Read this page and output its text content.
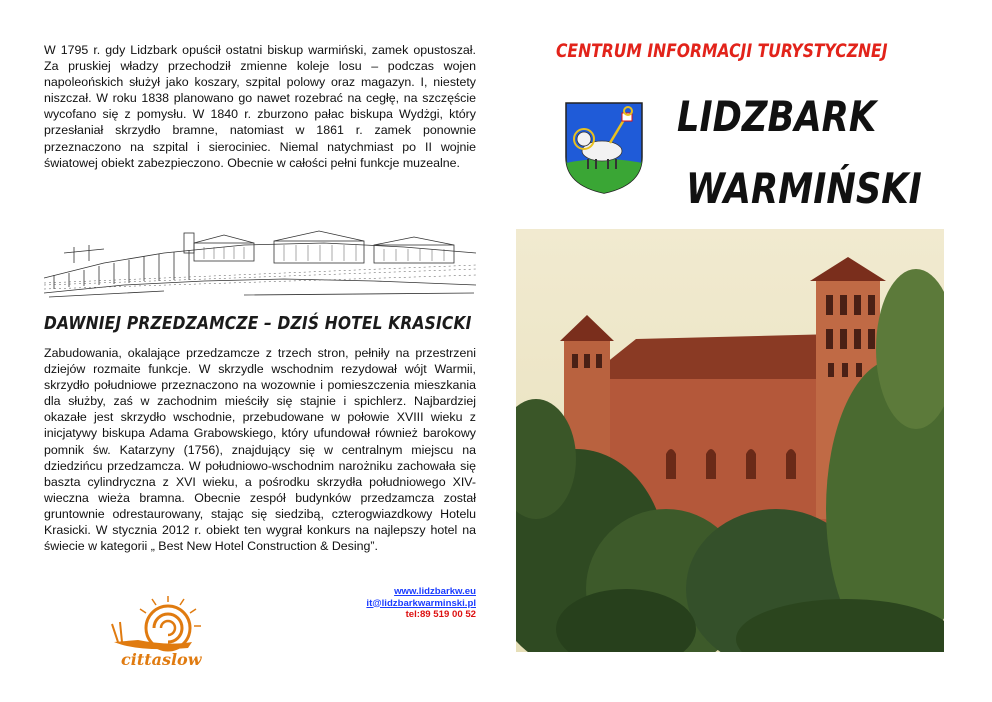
W 1795 r. gdy Lidzbark opuścił ostatni biskup warmiński, zamek opustoszał. Za pruskiej władzy przechodził zmienne koleje losu – podczas wojen napoleońskich służył jako koszary, szpital polowy oraz magazyn. I, niestety niszczał. W roku 1838 planowano go nawet rozebrać na cegłę, na szczęście wycofano się z pomysłu. W 1840 r. zburzono pałac biskupa Wydżgi, który przesłaniał skrzydło bramne, natomiast w 1861 r. zamek ponownie przeznaczono na szpital i sierociniec. Niemal natychmiast po II wojnie światowej obiekt zabezpieczono. Obecnie w całości pełni funkcje muzealne.

DAWNIEJ PRZEDZAMCZE – DZIŚ HOTEL KRASICKI

Zabudowania, okalające przedzamcze z trzech stron, pełniły na przestrzeni dziejów rozmaite funkcje. W skrzydle wschodnim rezydował wójt Warmii, skrzydło południowe przeznaczono na wozownie i pomieszczenia mieszkania dla służby, zaś w zachodnim mieściły się stajnie i spichlerz. Najbardziej okazałe jest skrzydło wschodnie, przebudowane w połowie XVIII wieku z inicjatywy biskupa Adama Grabowskiego, który ufundował również barokowy pomnik św. Katarzyny (1756), znajdujący się w centralnym miejscu na dziedzińcu przedzamcza. W południowo-wschodnim narożniku zachowała się baszta cylindryczna z XVI wieku, a pośrodku skrzydła południowego XIV-wieczna wieża bramna. Obecnie zespół budynków przedzamcza został gruntownie odrestaurowany, stając się siedzibą, czterogwiazdkowy Hotelu Krasicki. W stycznia 2012 r. obiekt ten wygrał konkurs na najlepszy hotel na świecie w kategorii „ Best New Hotel Construction & Desing”.

www.lidzbarkw.eu
it@lidzbarkwarminski.pl
tel:89 519 00 52
cittaslow
CENTRUM INFORMACJI TURYSTYCZNEJ
LIDZBARK
WARMIŃSKI
